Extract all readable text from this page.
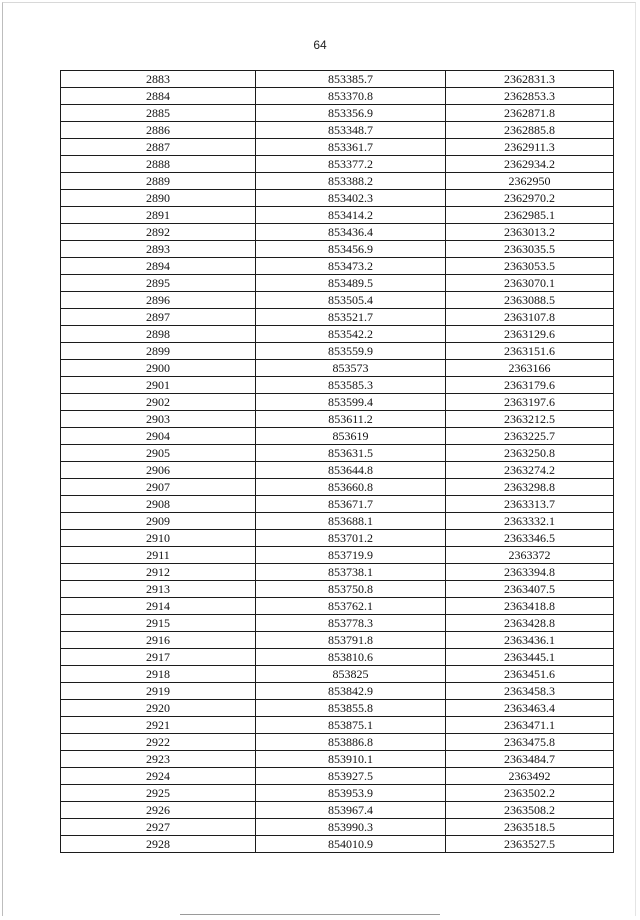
64
2883	853385.7	2362831.3
2884	853370.8	2362853.3
2885	853356.9	2362871.8
2886	853348.7	2362885.8
2887	853361.7	2362911.3
2888	853377.2	2362934.2
2889	853388.2	2362950
2890	853402.3	2362970.2
2891	853414.2	2362985.1
2892	853436.4	2363013.2
2893	853456.9	2363035.5
2894	853473.2	2363053.5
2895	853489.5	2363070.1
2896	853505.4	2363088.5
2897	853521.7	2363107.8
2898	853542.2	2363129.6
2899	853559.9	2363151.6
2900	853573	2363166
2901	853585.3	2363179.6
2902	853599.4	2363197.6
2903	853611.2	2363212.5
2904	853619	2363225.7
2905	853631.5	2363250.8
2906	853644.8	2363274.2
2907	853660.8	2363298.8
2908	853671.7	2363313.7
2909	853688.1	2363332.1
2910	853701.2	2363346.5
2911	853719.9	2363372
2912	853738.1	2363394.8
2913	853750.8	2363407.5
2914	853762.1	2363418.8
2915	853778.3	2363428.8
2916	853791.8	2363436.1
2917	853810.6	2363445.1
2918	853825	2363451.6
2919	853842.9	2363458.3
2920	853855.8	2363463.4
2921	853875.1	2363471.1
2922	853886.8	2363475.8
2923	853910.1	2363484.7
2924	853927.5	2363492
2925	853953.9	2363502.2
2926	853967.4	2363508.2
2927	853990.3	2363518.5
2928	854010.9	2363527.5
